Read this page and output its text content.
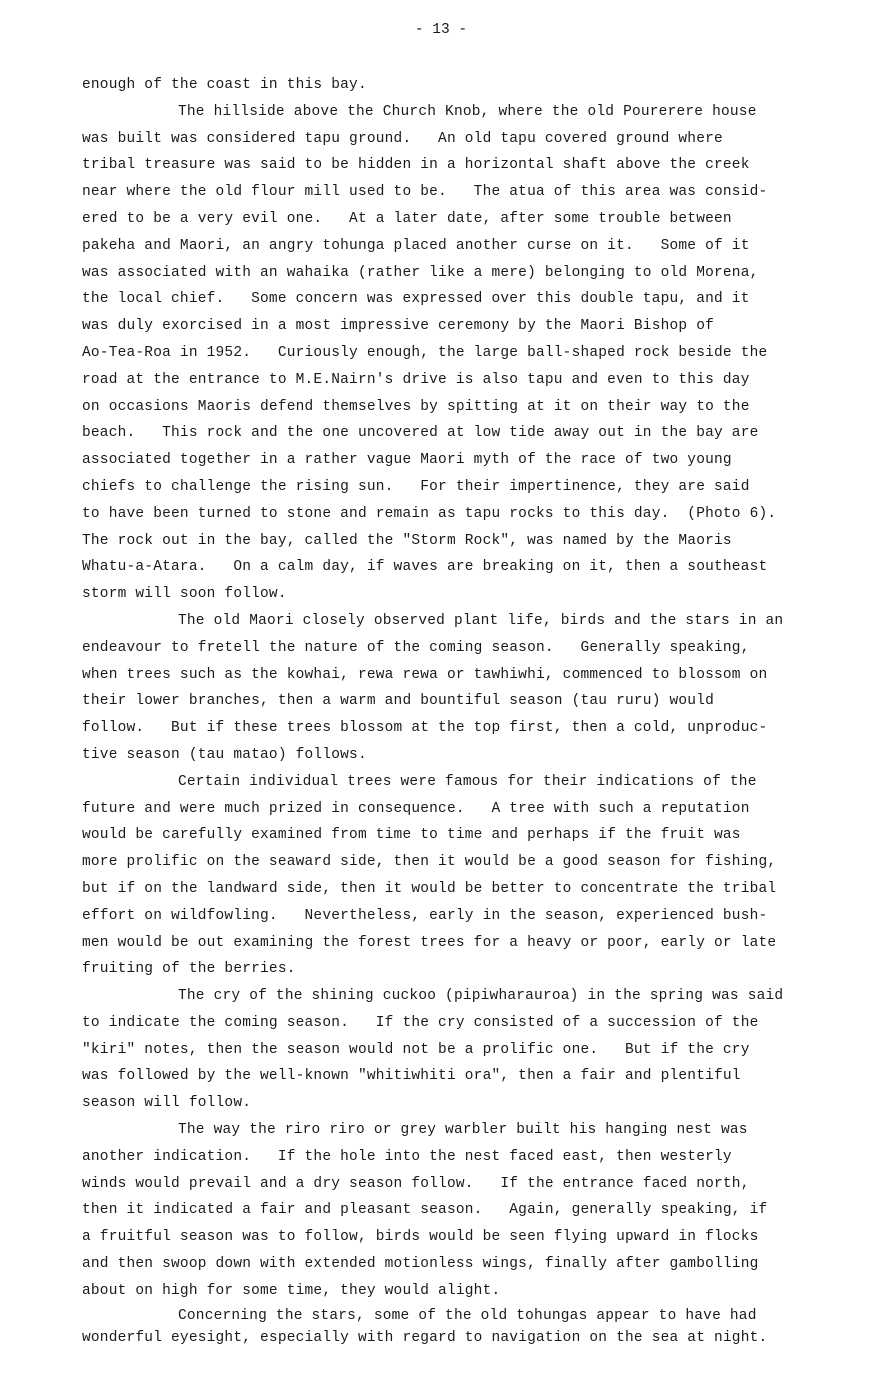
- 13 -
enough of the coast in this bay.
The hillside above the Church Knob, where the old Pourerere house
was built was considered tapu ground.   An old tapu covered ground where
tribal treasure was said to be hidden in a horizontal shaft above the creek
near where the old flour mill used to be.   The atua of this area was consid-
ered to be a very evil one.   At a later date, after some trouble between
pakeha and Maori, an angry tohunga placed another curse on it.   Some of it
was associated with an wahaika (rather like a mere) belonging to old Morena,
the local chief.   Some concern was expressed over this double tapu, and it
was duly exorcised in a most impressive ceremony by the Maori Bishop of
Ao-Tea-Roa in 1952.   Curiously enough, the large ball-shaped rock beside the
road at the entrance to M.E.Nairn's drive is also tapu and even to this day
on occasions Maoris defend themselves by spitting at it on their way to the
beach.   This rock and the one uncovered at low tide away out in the bay are
associated together in a rather vague Maori myth of the race of two young
chiefs to challenge the rising sun.   For their impertinence, they are said
to have been turned to stone and remain as tapu rocks to this day.  (Photo 6).
The rock out in the bay, called the "Storm Rock", was named by the Maoris
Whatu-a-Atara.   On a calm day, if waves are breaking on it, then a southeast
storm will soon follow.
The old Maori closely observed plant life, birds and the stars in an
endeavour to fretell the nature of the coming season.   Generally speaking,
when trees such as the kowhai, rewa rewa or tawhiwhi, commenced to blossom on
their lower branches, then a warm and bountiful season (tau ruru) would
follow.   But if these trees blossom at the top first, then a cold, unproduc-
tive season (tau matao) follows.
Certain individual trees were famous for their indications of the
future and were much prized in consequence.   A tree with such a reputation
would be carefully examined from time to time and perhaps if the fruit was
more prolific on the seaward side, then it would be a good season for fishing,
but if on the landward side, then it would be better to concentrate the tribal
effort on wildfowling.   Nevertheless, early in the season, experienced bush-
men would be out examining the forest trees for a heavy or poor, early or late
fruiting of the berries.
The cry of the shining cuckoo (pipiwharauroa) in the spring was said
to indicate the coming season.   If the cry consisted of a succession of the
"kiri" notes, then the season would not be a prolific one.   But if the cry
was followed by the well-known "whitiwhiti ora", then a fair and plentiful
season will follow.
The way the riro riro or grey warbler built his hanging nest was
another indication.   If the hole into the nest faced east, then westerly
winds would prevail and a dry season follow.   If the entrance faced north,
then it indicated a fair and pleasant season.   Again, generally speaking, if
a fruitful season was to follow, birds would be seen flying upward in flocks
and then swoop down with extended motionless wings, finally after gambolling
about on high for some time, they would alight.
Concerning the stars, some of the old tohungas appear to have had
wonderful eyesight, especially with regard to navigation on the sea at night.
